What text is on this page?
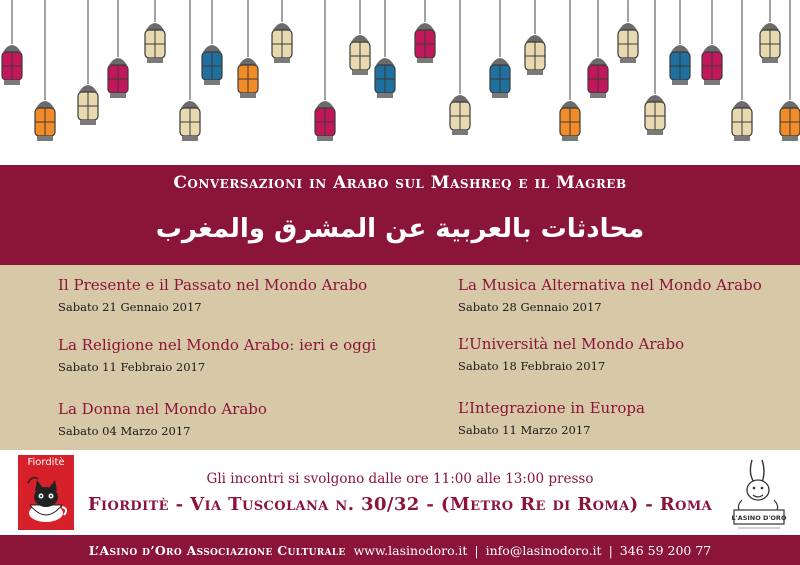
Conversazioni in Arabo sul Mashreq e il Magreb
محادثات بالعربية عن المشرق والمغرب
Il Presente e il Passato nel Mondo Arabo
Sabato 21 Gennaio 2017
La Religione nel Mondo Arabo: ieri e oggi
Sabato 11 Febbraio 2017
La Donna nel Mondo Arabo
Sabato 04 Marzo 2017
La Musica Alternativa nel Mondo Arabo
Sabato 28 Gennaio 2017
L’Università nel Mondo Arabo
Sabato 18 Febbraio 2017
L’Integrazione in Europa
Sabato 11 Marzo 2017
Fiorditè
Gli incontri si svolgono dalle ore 11:00 alle 13:00 presso
Fiorditè - Via Tuscolana n. 30/32 - (Metro Re di Roma) - Roma
L'ASINO D'ORO
L’Asino d’Oro Associazione Culturale www.lasinodoro.it | info@lasinodoro.it | 346 59 200 77
